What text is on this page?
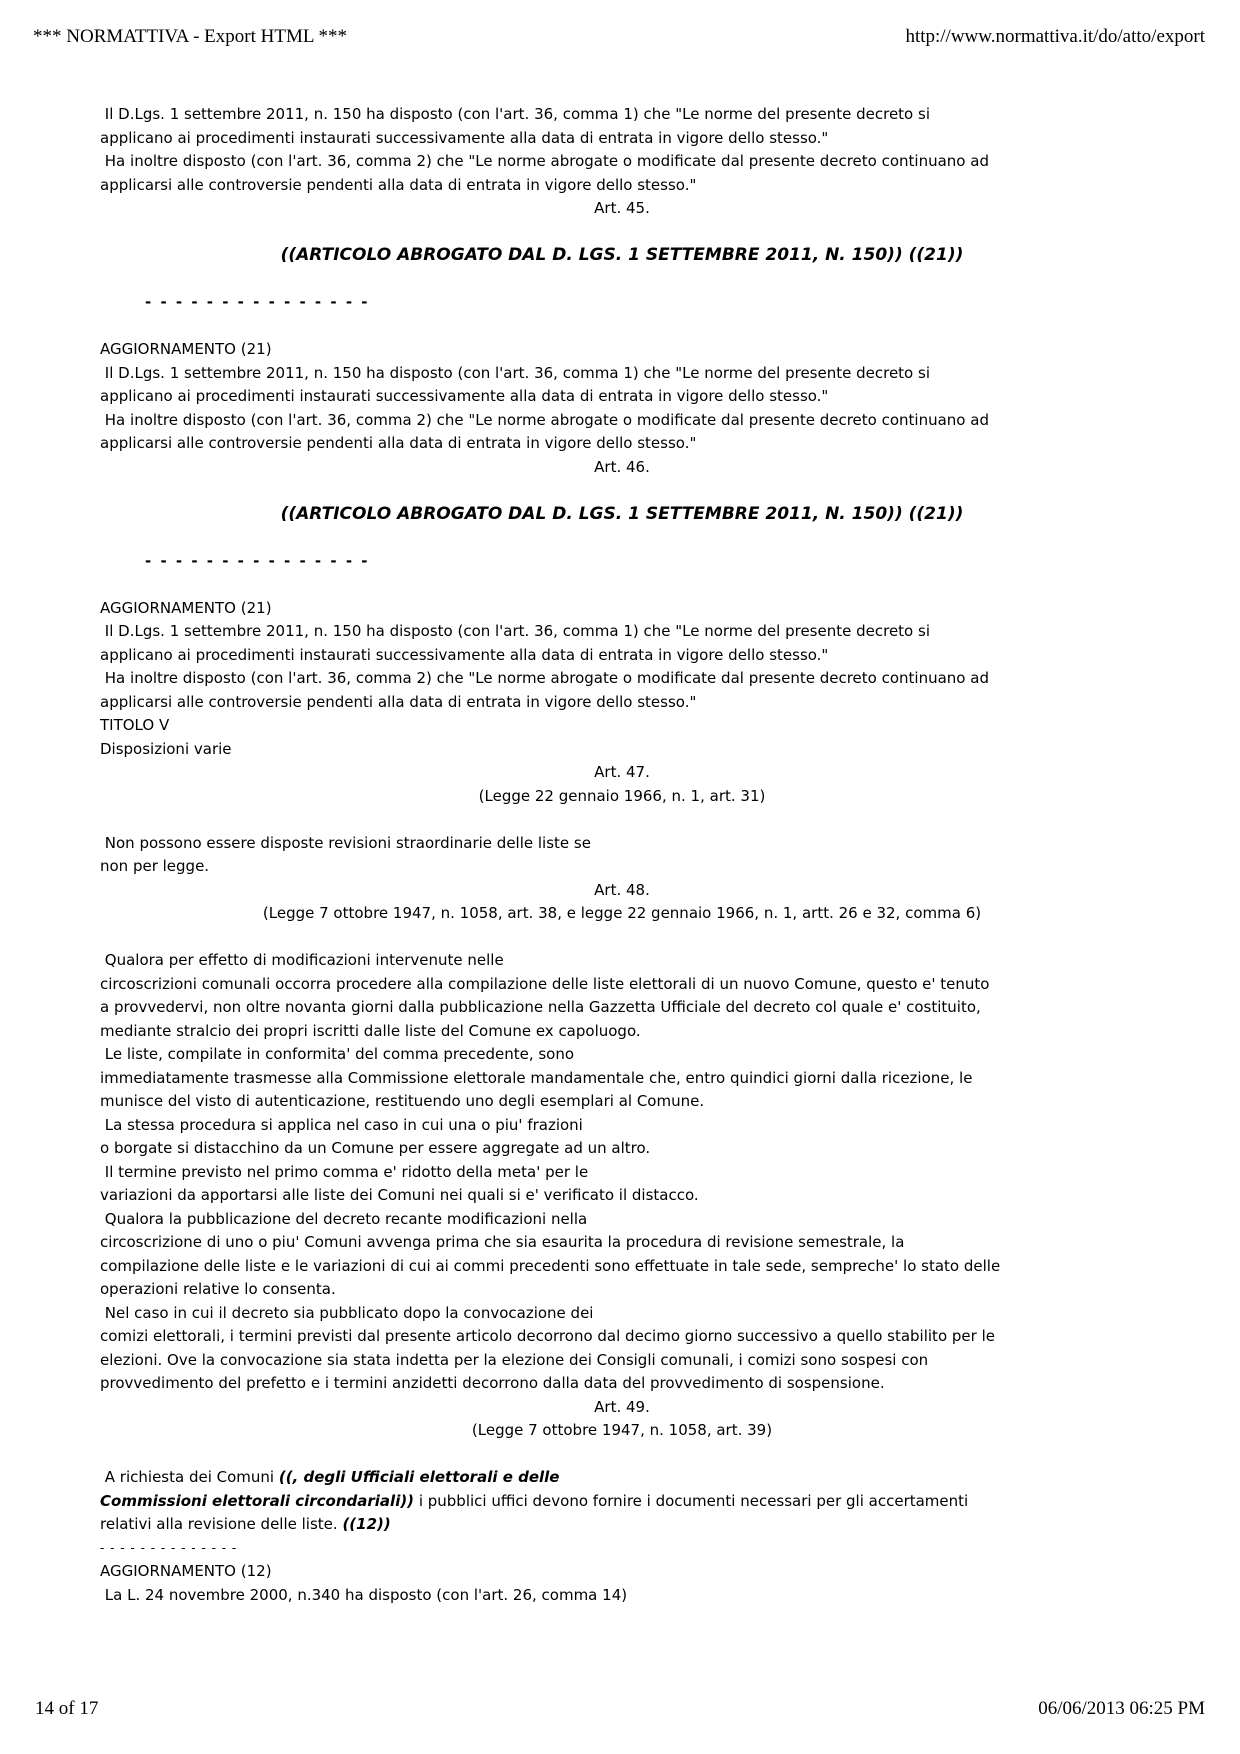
*** NORMATTIVA - Export HTML ***	http://www.normattiva.it/do/atto/export
Il D.Lgs. 1 settembre 2011, n. 150 ha disposto (con l'art. 36, comma 1) che "Le norme del presente decreto si
applicano ai procedimenti instaurati successivamente alla data di entrata in vigore dello stesso."
Ha inoltre disposto (con l'art. 36, comma 2) che "Le norme abrogate o modificate dal presente decreto continuano ad
applicarsi alle controversie pendenti alla data di entrata in vigore dello stesso."
Art. 45.
((ARTICOLO ABROGATO DAL D. LGS. 1 SETTEMBRE 2011, N. 150)) ((21))
- - - - - - - - - - - - - - -
AGGIORNAMENTO (21)
Il D.Lgs. 1 settembre 2011, n. 150 ha disposto (con l'art. 36, comma 1) che "Le norme del presente decreto si
applicano ai procedimenti instaurati successivamente alla data di entrata in vigore dello stesso."
Ha inoltre disposto (con l'art. 36, comma 2) che "Le norme abrogate o modificate dal presente decreto continuano ad
applicarsi alle controversie pendenti alla data di entrata in vigore dello stesso."
Art. 46.
((ARTICOLO ABROGATO DAL D. LGS. 1 SETTEMBRE 2011, N. 150)) ((21))
- - - - - - - - - - - - - - -
AGGIORNAMENTO (21)
Il D.Lgs. 1 settembre 2011, n. 150 ha disposto (con l'art. 36, comma 1) che "Le norme del presente decreto si
applicano ai procedimenti instaurati successivamente alla data di entrata in vigore dello stesso."
Ha inoltre disposto (con l'art. 36, comma 2) che "Le norme abrogate o modificate dal presente decreto continuano ad
applicarsi alle controversie pendenti alla data di entrata in vigore dello stesso."
TITOLO V
Disposizioni varie
Art. 47.
(Legge 22 gennaio 1966, n. 1, art. 31)
Non possono essere disposte revisioni straordinarie delle liste se
non per legge.
Art. 48.
(Legge 7 ottobre 1947, n. 1058, art. 38, e legge 22 gennaio 1966, n. 1, artt. 26 e 32, comma 6)
Qualora per effetto di modificazioni intervenute nelle
circoscrizioni comunali occorra procedere alla compilazione delle liste elettorali di un nuovo Comune, questo e' tenuto
a provvedervi, non oltre novanta giorni dalla pubblicazione nella Gazzetta Ufficiale del decreto col quale e' costituito,
mediante stralcio dei propri iscritti dalle liste del Comune ex capoluogo.
Le liste, compilate in conformita' del comma precedente, sono
immediatamente trasmesse alla Commissione elettorale mandamentale che, entro quindici giorni dalla ricezione, le
munisce del visto di autenticazione, restituendo uno degli esemplari al Comune.
La stessa procedura si applica nel caso in cui una o piu' frazioni
o borgate si distacchino da un Comune per essere aggregate ad un altro.
Il termine previsto nel primo comma e' ridotto della meta' per le
variazioni da apportarsi alle liste dei Comuni nei quali si e' verificato il distacco.
Qualora la pubblicazione del decreto recante modificazioni nella
circoscrizione di uno o piu' Comuni avvenga prima che sia esaurita la procedura di revisione semestrale, la
compilazione delle liste e le variazioni di cui ai commi precedenti sono effettuate in tale sede, sempreche' lo stato delle
operazioni relative lo consenta.
Nel caso in cui il decreto sia pubblicato dopo la convocazione dei
comizi elettorali, i termini previsti dal presente articolo decorrono dal decimo giorno successivo a quello stabilito per le
elezioni. Ove la convocazione sia stata indetta per la elezione dei Consigli comunali, i comizi sono sospesi con
provvedimento del prefetto e i termini anzidetti decorrono dalla data del provvedimento di sospensione.
Art. 49.
(Legge 7 ottobre 1947, n. 1058, art. 39)
A richiesta dei Comuni ((, degli Ufficiali elettorali e delle
Commissioni elettorali circondariali)) i pubblici uffici devono fornire i documenti necessari per gli accertamenti
relativi alla revisione delle liste. ((12))
- - - - - - - - - - - - - -
AGGIORNAMENTO (12)
La L. 24 novembre 2000, n.340 ha disposto (con l'art. 26, comma 14)
14 of 17	06/06/2013 06:25 PM
